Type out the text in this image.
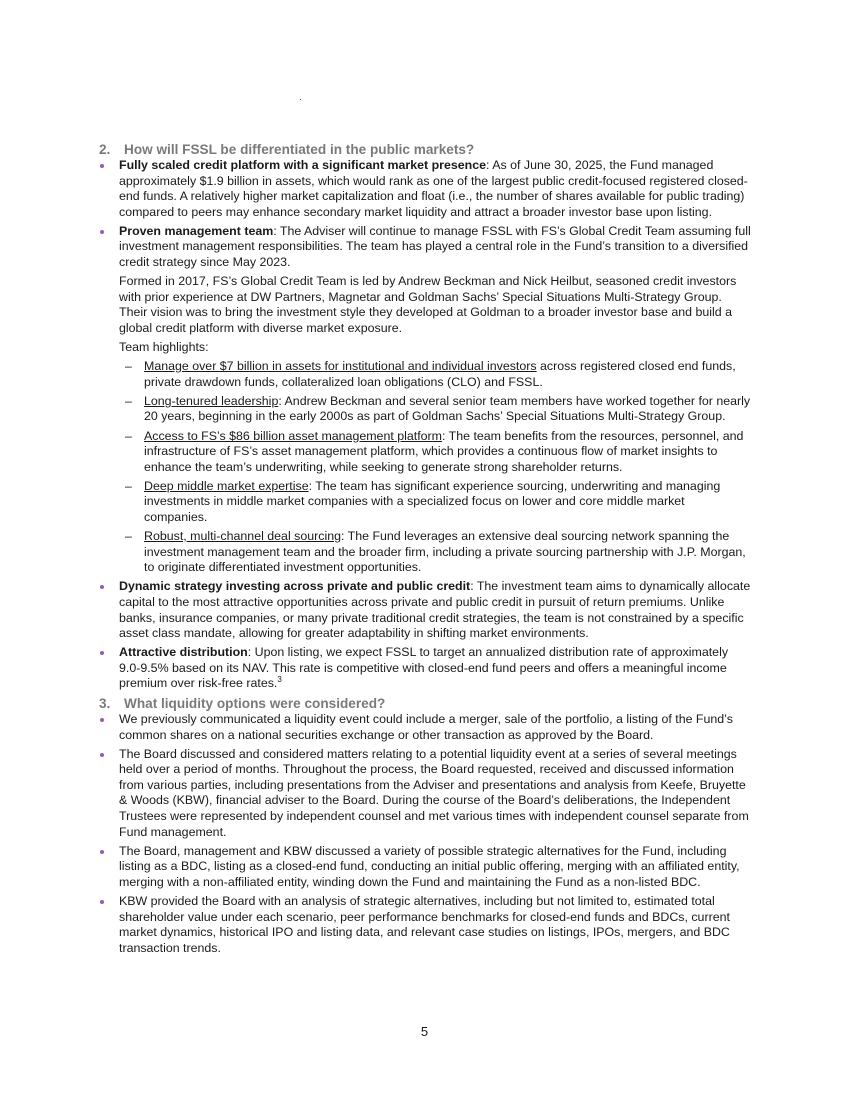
2. How will FSSL be differentiated in the public markets?
Fully scaled credit platform with a significant market presence: As of June 30, 2025, the Fund managed approximately $1.9 billion in assets, which would rank as one of the largest public credit-focused registered closed-end funds. A relatively higher market capitalization and float (i.e., the number of shares available for public trading) compared to peers may enhance secondary market liquidity and attract a broader investor base upon listing.
Proven management team: The Adviser will continue to manage FSSL with FS’s Global Credit Team assuming full investment management responsibilities. The team has played a central role in the Fund’s transition to a diversified credit strategy since May 2023.
Formed in 2017, FS’s Global Credit Team is led by Andrew Beckman and Nick Heilbut, seasoned credit investors with prior experience at DW Partners, Magnetar and Goldman Sachs’ Special Situations Multi-Strategy Group. Their vision was to bring the investment style they developed at Goldman to a broader investor base and build a global credit platform with diverse market exposure.
Team highlights:
– Manage over $7 billion in assets for institutional and individual investors across registered closed end funds, private drawdown funds, collateralized loan obligations (CLO) and FSSL.
– Long-tenured leadership: Andrew Beckman and several senior team members have worked together for nearly 20 years, beginning in the early 2000s as part of Goldman Sachs’ Special Situations Multi-Strategy Group.
– Access to FS’s $86 billion asset management platform: The team benefits from the resources, personnel, and infrastructure of FS’s asset management platform, which provides a continuous flow of market insights to enhance the team’s underwriting, while seeking to generate strong shareholder returns.
– Deep middle market expertise: The team has significant experience sourcing, underwriting and managing investments in middle market companies with a specialized focus on lower and core middle market companies.
– Robust, multi-channel deal sourcing: The Fund leverages an extensive deal sourcing network spanning the investment management team and the broader firm, including a private sourcing partnership with J.P. Morgan, to originate differentiated investment opportunities.
Dynamic strategy investing across private and public credit: The investment team aims to dynamically allocate capital to the most attractive opportunities across private and public credit in pursuit of return premiums. Unlike banks, insurance companies, or many private traditional credit strategies, the team is not constrained by a specific asset class mandate, allowing for greater adaptability in shifting market environments.
Attractive distribution: Upon listing, we expect FSSL to target an annualized distribution rate of approximately 9.0-9.5% based on its NAV. This rate is competitive with closed-end fund peers and offers a meaningful income premium over risk-free rates.$^3$
3. What liquidity options were considered?
We previously communicated a liquidity event could include a merger, sale of the portfolio, a listing of the Fund’s common shares on a national securities exchange or other transaction as approved by the Board.
The Board discussed and considered matters relating to a potential liquidity event at a series of several meetings held over a period of months. Throughout the process, the Board requested, received and discussed information from various parties, including presentations from the Adviser and presentations and analysis from Keefe, Bruyette & Woods (KBW), financial adviser to the Board. During the course of the Board’s deliberations, the Independent Trustees were represented by independent counsel and met various times with independent counsel separate from Fund management.
The Board, management and KBW discussed a variety of possible strategic alternatives for the Fund, including listing as a BDC, listing as a closed-end fund, conducting an initial public offering, merging with an affiliated entity, merging with a non-affiliated entity, winding down the Fund and maintaining the Fund as a non-listed BDC.
KBW provided the Board with an analysis of strategic alternatives, including but not limited to, estimated total shareholder value under each scenario, peer performance benchmarks for closed-end funds and BDCs, current market dynamics, historical IPO and listing data, and relevant case studies on listings, IPOs, mergers, and BDC transaction trends.
5
